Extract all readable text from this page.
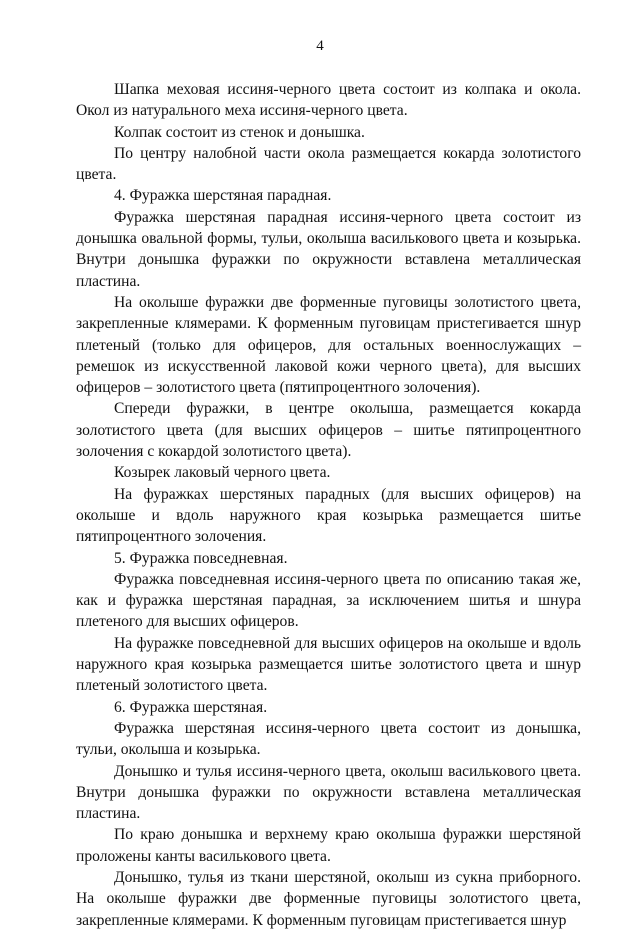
4

Шапка меховая иссиня-черного цвета состоит из колпака и окола. Окол из натурального меха иссиня-черного цвета.

Колпак состоит из стенок и донышка.

По центру налобной части окола размещается кокарда золотистого цвета.

4. Фуражка шерстяная парадная.

Фуражка шерстяная парадная иссиня-черного цвета состоит из донышка овальной формы, тульи, околыша василькового цвета и козырька. Внутри донышка фуражки по окружности вставлена металлическая пластина.

На околыше фуражки две форменные пуговицы золотистого цвета, закрепленные клямерами. К форменным пуговицам пристегивается шнур плетеный (только для офицеров, для остальных военнослужащих – ремешок из искусственной лаковой кожи черного цвета), для высших офицеров – золотистого цвета (пятипроцентного золочения).

Спереди фуражки, в центре околыша, размещается кокарда золотистого цвета (для высших офицеров – шитье пятипроцентного золочения с кокардой золотистого цвета).

Козырек лаковый черного цвета.

На фуражках шерстяных парадных (для высших офицеров) на околыше и вдоль наружного края козырька размещается шитье пятипроцентного золочения.

5. Фуражка повседневная.

Фуражка повседневная иссиня-черного цвета по описанию такая же, как и фуражка шерстяная парадная, за исключением шитья и шнура плетеного для высших офицеров.

На фуражке повседневной для высших офицеров на околыше и вдоль наружного края козырька размещается шитье золотистого цвета и шнур плетеный золотистого цвета.

6. Фуражка шерстяная.

Фуражка шерстяная иссиня-черного цвета состоит из донышка, тульи, околыша и козырька.

Донышко и тулья иссиня-черного цвета, околыш василькового цвета. Внутри донышка фуражки по окружности вставлена металлическая пластина.

По краю донышка и верхнему краю околыша фуражки шерстяной проложены канты василькового цвета.

Донышко, тулья из ткани шерстяной, околыш из сукна приборного. На околыше фуражки две форменные пуговицы золотистого цвета, закрепленные клямерами. К форменным пуговицам пристегивается шнур
